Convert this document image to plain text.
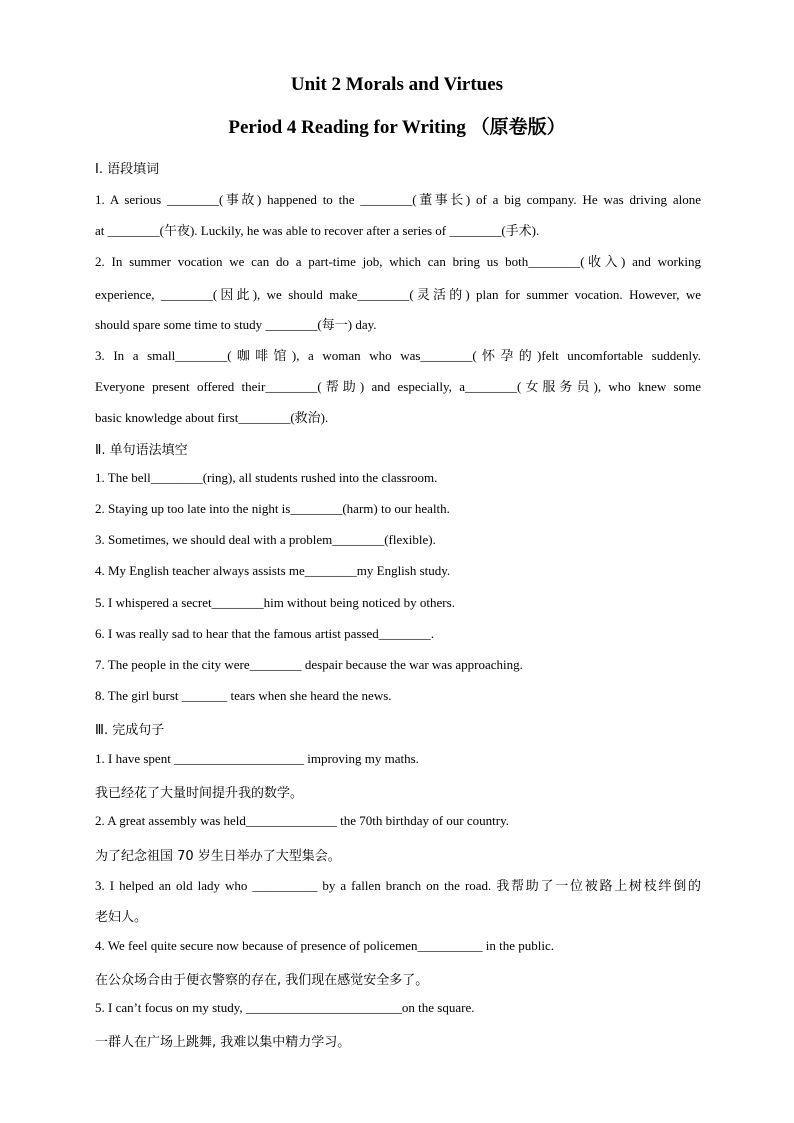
Unit 2 Morals and Virtues
Period 4 Reading for Writing （原卷版）
Ⅰ. 语段填词
1. A serious ________(事故) happened to the ________(董事长) of a big company. He was driving alone
at ________(午夜). Luckily, he was able to recover after a series of ________(手术).
2. In summer vocation we can do a part-time job, which can bring us both________(收入) and working
experience, ________(因此), we should make________(灵活的) plan for summer vocation. However, we
should spare some time to study ________(每一) day.
3. In a small________(咖啡馆), a woman who was________(怀孕的)felt uncomfortable suddenly.
Everyone present offered their________(帮助) and especially, a________(女服务员), who knew some
basic knowledge about first________(救治).
Ⅱ. 单句语法填空
1. The bell________(ring), all students rushed into the classroom.
2. Staying up too late into the night is________(harm) to our health.
3. Sometimes, we should deal with a problem________(flexible).
4. My English teacher always assists me________my English study.
5. I whispered a secret________him without being noticed by others.
6. I was really sad to hear that the famous artist passed________.
7. The people in the city were________ despair because the war was approaching.
8. The girl burst _______ tears when she heard the news.
Ⅲ. 完成句子
1. I have spent ____________________ improving my maths.
我已经花了大量时间提升我的数学。
2. A great assembly was held______________ the 70th birthday of our country.
为了纪念祖国 70 岁生日举办了大型集会。
3. I helped an old lady who __________ by a fallen branch on the road. 我帮助了一位被路上树枝绊倒的
老妇人。
4. We feel quite secure now because of presence of policemen__________ in the public.
在公众场合由于便衣警察的存在, 我们现在感觉安全多了。
5. I can’t focus on my study, ________________________on the square.
一群人在广场上跳舞, 我难以集中精力学习。
